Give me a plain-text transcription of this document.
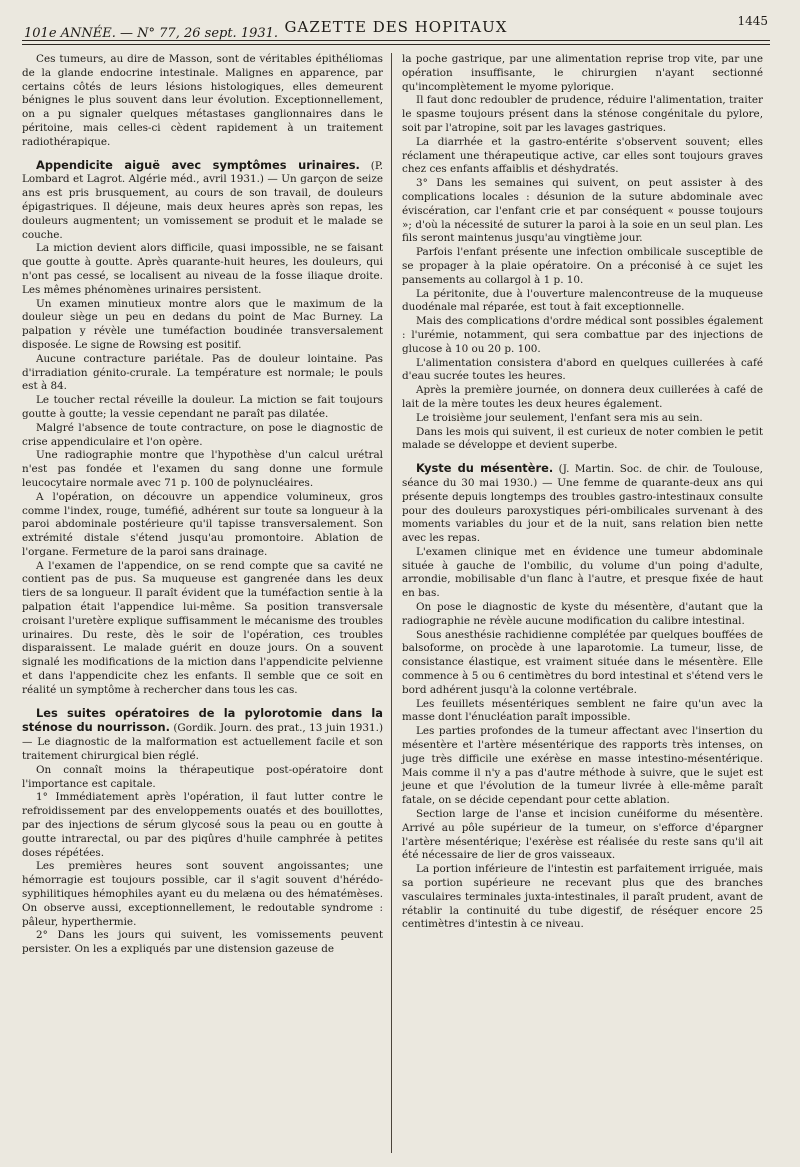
101e ANNÉE. — N° 77, 26 sept. 1931. GAZETTE DES HOPITAUX	1445

Ces tumeurs, au dire de Masson, sont de véritables épithéliomas de la glande endocrine intestinale. Malignes en apparence, par certains côtés de leurs lésions histologiques, elles demeurent bénignes le plus souvent dans leur évolution. Exceptionnellement, on a pu signaler quelques métastases ganglionnaires dans le péritoine, mais celles-ci cèdent rapidement à un traitement radiothérapique.

Appendicite aiguë avec symptômes urinaires. (P. Lombard et Lagrot. Algérie méd., avril 1931.) — Un garçon de seize ans est pris brusquement, au cours de son travail, de douleurs épigastriques. Il déjeune, mais deux heures après son repas, les douleurs augmentent; un vomissement se produit et le malade se couche.

La miction devient alors difficile, quasi impossible, ne se faisant que goutte à goutte. Après quarante-huit heures, les douleurs, qui n'ont pas cessé, se localisent au niveau de la fosse iliaque droite. Les mêmes phénomènes urinaires persistent.

Un examen minutieux montre alors que le maximum de la douleur siège un peu en dedans du point de Mac Burney. La palpation y révèle une tuméfaction boudinée transversalement disposée. Le signe de Rowsing est positif.

Aucune contracture pariétale. Pas de douleur lointaine. Pas d'irradiation génito-crurale. La température est normale; le pouls est à 84.

Le toucher rectal réveille la douleur. La miction se fait toujours goutte à goutte; la vessie cependant ne paraît pas dilatée.

Malgré l'absence de toute contracture, on pose le diagnostic de crise appendiculaire et l'on opère.

Une radiographie montre que l'hypothèse d'un calcul urétral n'est pas fondée et l'examen du sang donne une formule leucocytaire normale avec 71 p. 100 de polynucléaires.

A l'opération, on découvre un appendice volumineux, gros comme l'index, rouge, tuméfié, adhérent sur toute sa longueur à la paroi abdominale postérieure qu'il tapisse transversalement. Son extrémité distale s'étend jusqu'au promontoire. Ablation de l'organe. Fermeture de la paroi sans drainage.

A l'examen de l'appendice, on se rend compte que sa cavité ne contient pas de pus. Sa muqueuse est gangrenée dans les deux tiers de sa longueur. Il paraît évident que la tuméfaction sentie à la palpation était l'appendice lui-même. Sa position transversale croisant l'uretère explique suffisamment le mécanisme des troubles urinaires. Du reste, dès le soir de l'opération, ces troubles disparaissent. Le malade guérit en douze jours. On a souvent signalé les modifications de la miction dans l'appendicite pelvienne et dans l'appendicite chez les enfants. Il semble que ce soit en réalité un symptôme à rechercher dans tous les cas.

Les suites opératoires de la pylorotomie dans la sténose du nourrisson. (Gordik. Journ. des prat., 13 juin 1931.) — Le diagnostic de la malformation est actuellement facile et son traitement chirurgical bien réglé.

On connaît moins la thérapeutique post-opératoire dont l'importance est capitale.

1° Immédiatement après l'opération, il faut lutter contre le refroidissement par des enveloppements ouatés et des bouillottes, par des injections de sérum glycosé sous la peau ou en goutte à goutte intrarectal, ou par des piqûres d'huile camphrée à petites doses répétées.

Les premières heures sont souvent angoissantes; une hémorragie est toujours possible, car il s'agit souvent d'hérédo-syphilitiques hémophiles ayant eu du melæna ou des hématémèses. On observe aussi, exceptionnellement, le redoutable syndrome : pâleur, hyperthermie.

2° Dans les jours qui suivent, les vomissements peuvent persister. On les a expliqués par une distension gazeuse de

la poche gastrique, par une alimentation reprise trop vite, par une opération insuffisante, le chirurgien n'ayant sectionné qu'incomplètement le myome pylorique.

Il faut donc redoubler de prudence, réduire l'alimentation, traiter le spasme toujours présent dans la sténose congénitale du pylore, soit par l'atropine, soit par les lavages gastriques.

La diarrhée et la gastro-entérite s'observent souvent; elles réclament une thérapeutique active, car elles sont toujours graves chez ces enfants affaiblis et déshydratés.

3° Dans les semaines qui suivent, on peut assister à des complications locales : désunion de la suture abdominale avec éviscération, car l'enfant crie et par conséquent « pousse toujours »; d'où la nécessité de suturer la paroi à la soie en un seul plan. Les fils seront maintenus jusqu'au vingtième jour.

Parfois l'enfant présente une infection ombilicale susceptible de se propager à la plaie opératoire. On a préconisé à ce sujet les pansements au collargol à 1 p. 10.

La péritonite, due à l'ouverture malencontreuse de la muqueuse duodénale mal réparée, est tout à fait exceptionnelle.

Mais des complications d'ordre médical sont possibles également : l'urémie, notamment, qui sera combattue par des injections de glucose à 10 ou 20 p. 100.

L'alimentation consistera d'abord en quelques cuillerées à café d'eau sucrée toutes les heures.

Après la première journée, on donnera deux cuillerées à café de lait de la mère toutes les deux heures également.

Le troisième jour seulement, l'enfant sera mis au sein.

Dans les mois qui suivent, il est curieux de noter combien le petit malade se développe et devient superbe.

Kyste du mésentère. (J. Martin. Soc. de chir. de Toulouse, séance du 30 mai 1930.) — Une femme de quarante-deux ans qui présente depuis longtemps des troubles gastro-intestinaux consulte pour des douleurs paroxystiques péri-ombilicales survenant à des moments variables du jour et de la nuit, sans relation bien nette avec les repas.

L'examen clinique met en évidence une tumeur abdominale située à gauche de l'ombilic, du volume d'un poing d'adulte, arrondie, mobilisable d'un flanc à l'autre, et presque fixée de haut en bas.

On pose le diagnostic de kyste du mésentère, d'autant que la radiographie ne révèle aucune modification du calibre intestinal.

Sous anesthésie rachidienne complétée par quelques bouffées de balsoforme, on procède à une laparotomie. La tumeur, lisse, de consistance élastique, est vraiment située dans le mésentère. Elle commence à 5 ou 6 centimètres du bord intestinal et s'étend vers le bord adhérent jusqu'à la colonne vertébrale.

Les feuillets mésentériques semblent ne faire qu'un avec la masse dont l'énucléation paraît impossible.

Les parties profondes de la tumeur affectant avec l'insertion du mésentère et l'artère mésentérique des rapports très intenses, on juge très difficile une exérèse en masse intestino-mésentérique. Mais comme il n'y a pas d'autre méthode à suivre, que le sujet est jeune et que l'évolution de la tumeur livrée à elle-même paraît fatale, on se décide cependant pour cette ablation.

Section large de l'anse et incision cunéiforme du mésentère. Arrivé au pôle supérieur de la tumeur, on s'efforce d'épargner l'artère mésentérique; l'exérèse est réalisée du reste sans qu'il ait été nécessaire de lier de gros vaisseaux.

La portion inférieure de l'intestin est parfaitement irriguée, mais sa portion supérieure ne recevant plus que des branches vasculaires terminales juxta-intestinales, il paraît prudent, avant de rétablir la continuité du tube digestif, de réséquer encore 25 centimètres d'intestin à ce niveau.
